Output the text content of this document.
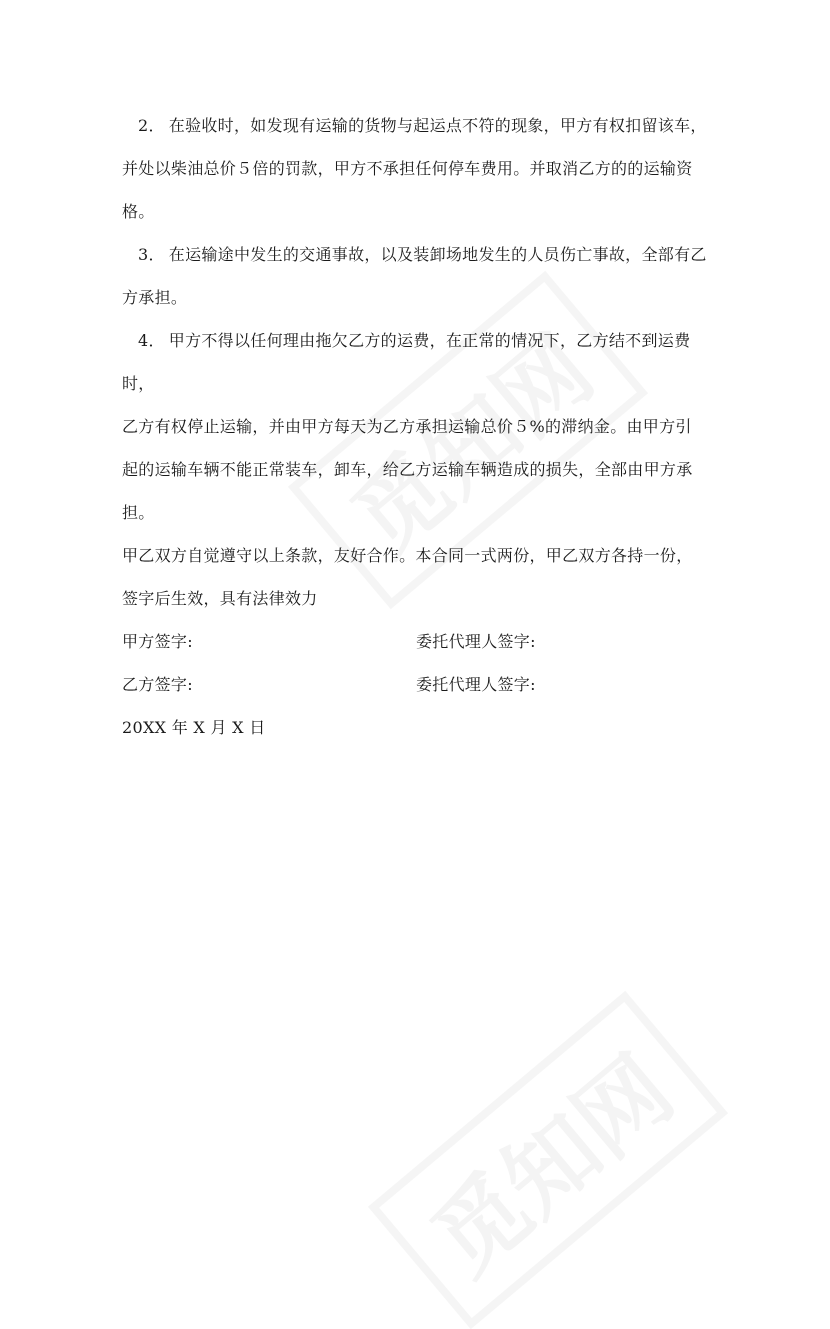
2． 在验收时，如发现有运输的货物与起运点不符的现象，甲方有权扣留该车，

并处以柴油总价５倍的罚款，甲方不承担任何停车费用。并取消乙方的的运输资

格。

3． 在运输途中发生的交通事故，以及装卸场地发生的人员伤亡事故，全部有乙

方承担。

4． 甲方不得以任何理由拖欠乙方的运费，在正常的情况下，乙方结不到运费时，

乙方有权停止运输，并由甲方每天为乙方承担运输总价５%的滞纳金。由甲方引

起的运输车辆不能正常装车，卸车，给乙方运输车辆造成的损失，全部由甲方承

担。

甲乙双方自觉遵守以上条款，友好合作。本合同一式两份，甲乙双方各持一份，

签字后生效，具有法律效力

甲方签字:	委托代理人签字:
乙方签字:	委托代理人签字:

20XX 年 X 月 X 日
